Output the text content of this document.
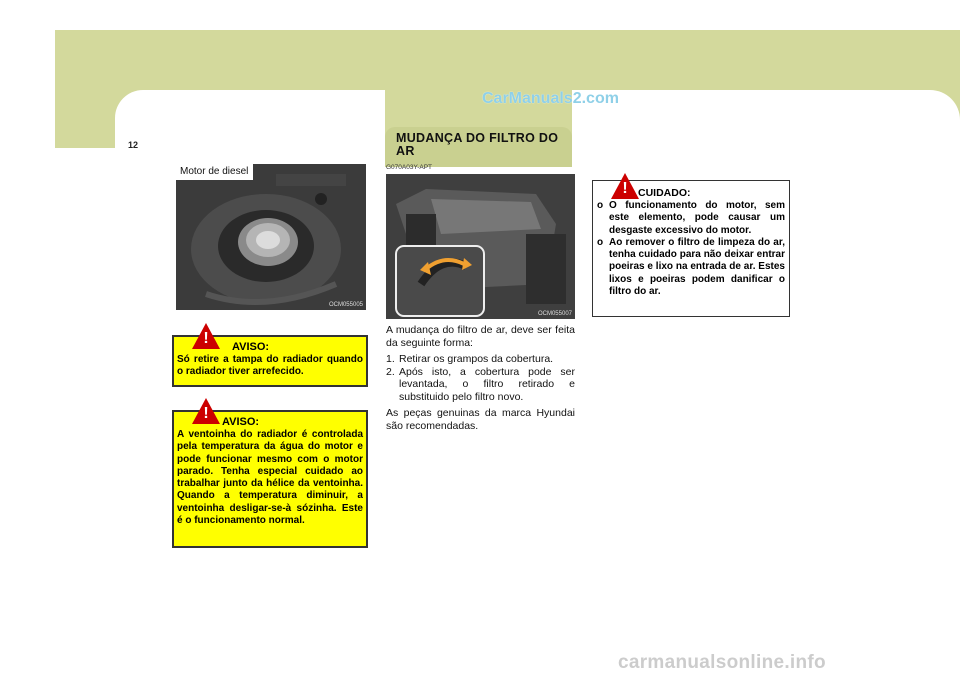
6 FAÇA A SUA PRÓPRIA MANUTENÇÃO
12
CarManuals2.com
MUDANÇA DO FILTRO DO AR
Motor de diesel
OCM055005
!	AVISO:
Só retire a tampa do radiador quando o radiador tiver arrefecido.
!	AVISO:
A ventoinha do radiador é controlada pela temperatura da água do motor e pode funcionar mesmo com o motor parado. Tenha especial cuidado ao trabalhar junto da hélice da ventoinha. Quando a temperatura diminuir, a ventoinha desligar-se-à sózinha. Este é o funcionamento normal.
G070A03Y-APT
OCM055007

A mudança do filtro de ar, deve ser feita da seguinte forma:

1. Retirar os grampos da cobertura.
2. Após isto, a cobertura pode ser levantada, o filtro retirado e substituido pelo filtro novo.

As peças genuinas da marca Hyundai são recomendadas.

! CUIDADO:
o O funcionamento do motor, sem este elemento, pode causar um desgaste excessivo do motor.
o Ao remover o filtro de limpeza do ar, tenha cuidado para não deixar entrar poeiras e lixo na entrada de ar. Estes lixos e poeiras podem danificar o filtro do ar.
carmanualsonline.info
